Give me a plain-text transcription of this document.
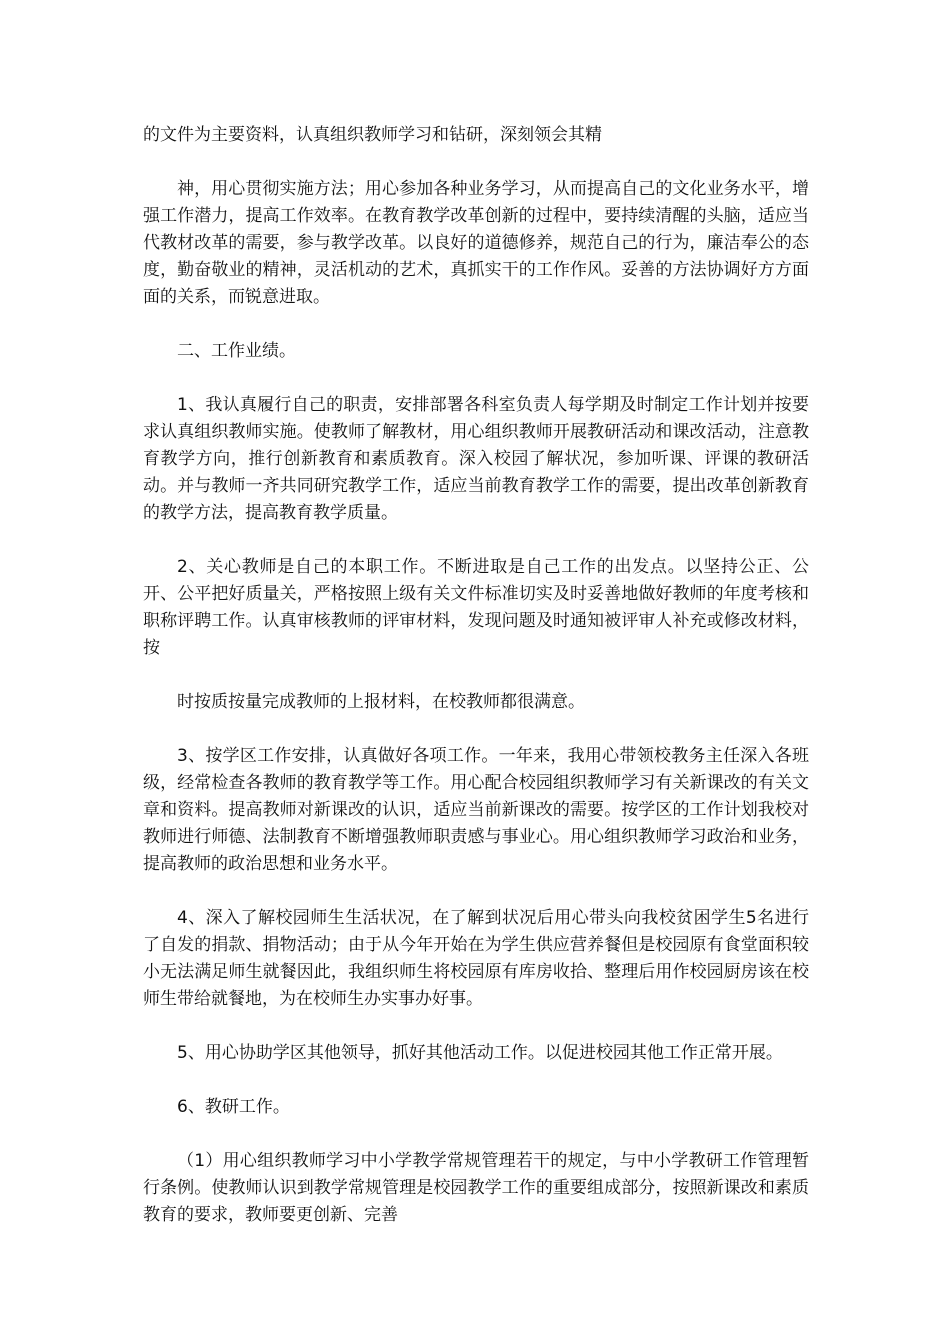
的文件为主要资料，认真组织教师学习和钻研，深刻领会其精

神，用心贯彻实施方法；用心参加各种业务学习，从而提高自己的文化业务水平，增强工作潜力，提高工作效率。在教育教学改革创新的过程中，要持续清醒的头脑，适应当代教材改革的需要，参与教学改革。以良好的道德修养，规范自己的行为，廉洁奉公的态度，勤奋敬业的精神，灵活机动的艺术，真抓实干的工作作风。妥善的方法协调好方方面面的关系，而锐意进取。

二、工作业绩。

1、我认真履行自己的职责，安排部署各科室负责人每学期及时制定工作计划并按要求认真组织教师实施。使教师了解教材，用心组织教师开展教研活动和课改活动，注意教育教学方向，推行创新教育和素质教育。深入校园了解状况，参加听课、评课的教研活动。并与教师一齐共同研究教学工作，适应当前教育教学工作的需要，提出改革创新教育的教学方法，提高教育教学质量。

2、关心教师是自己的本职工作。不断进取是自己工作的出发点。以坚持公正、公开、公平把好质量关，严格按照上级有关文件标准切实及时妥善地做好教师的年度考核和职称评聘工作。认真审核教师的评审材料，发现问题及时通知被评审人补充或修改材料，按

时按质按量完成教师的上报材料，在校教师都很满意。

3、按学区工作安排，认真做好各项工作。一年来，我用心带领校教务主任深入各班级，经常检查各教师的教育教学等工作。用心配合校园组织教师学习有关新课改的有关文章和资料。提高教师对新课改的认识，适应当前新课改的需要。按学区的工作计划我校对教师进行师德、法制教育不断增强教师职责感与事业心。用心组织教师学习政治和业务，提高教师的政治思想和业务水平。

4、深入了解校园师生生活状况，在了解到状况后用心带头向我校贫困学生5名进行了自发的捐款、捐物活动；由于从今年开始在为学生供应营养餐但是校园原有食堂面积较小无法满足师生就餐因此，我组织师生将校园原有库房收拾、整理后用作校园厨房该在校师生带给就餐地，为在校师生办实事办好事。

5、用心协助学区其他领导，抓好其他活动工作。以促进校园其他工作正常开展。

6、教研工作。

（1）用心组织教师学习中小学教学常规管理若干的规定，与中小学教研工作管理暂行条例。使教师认识到教学常规管理是校园教学工作的重要组成部分，按照新课改和素质教育的要求，教师要更创新、完善
